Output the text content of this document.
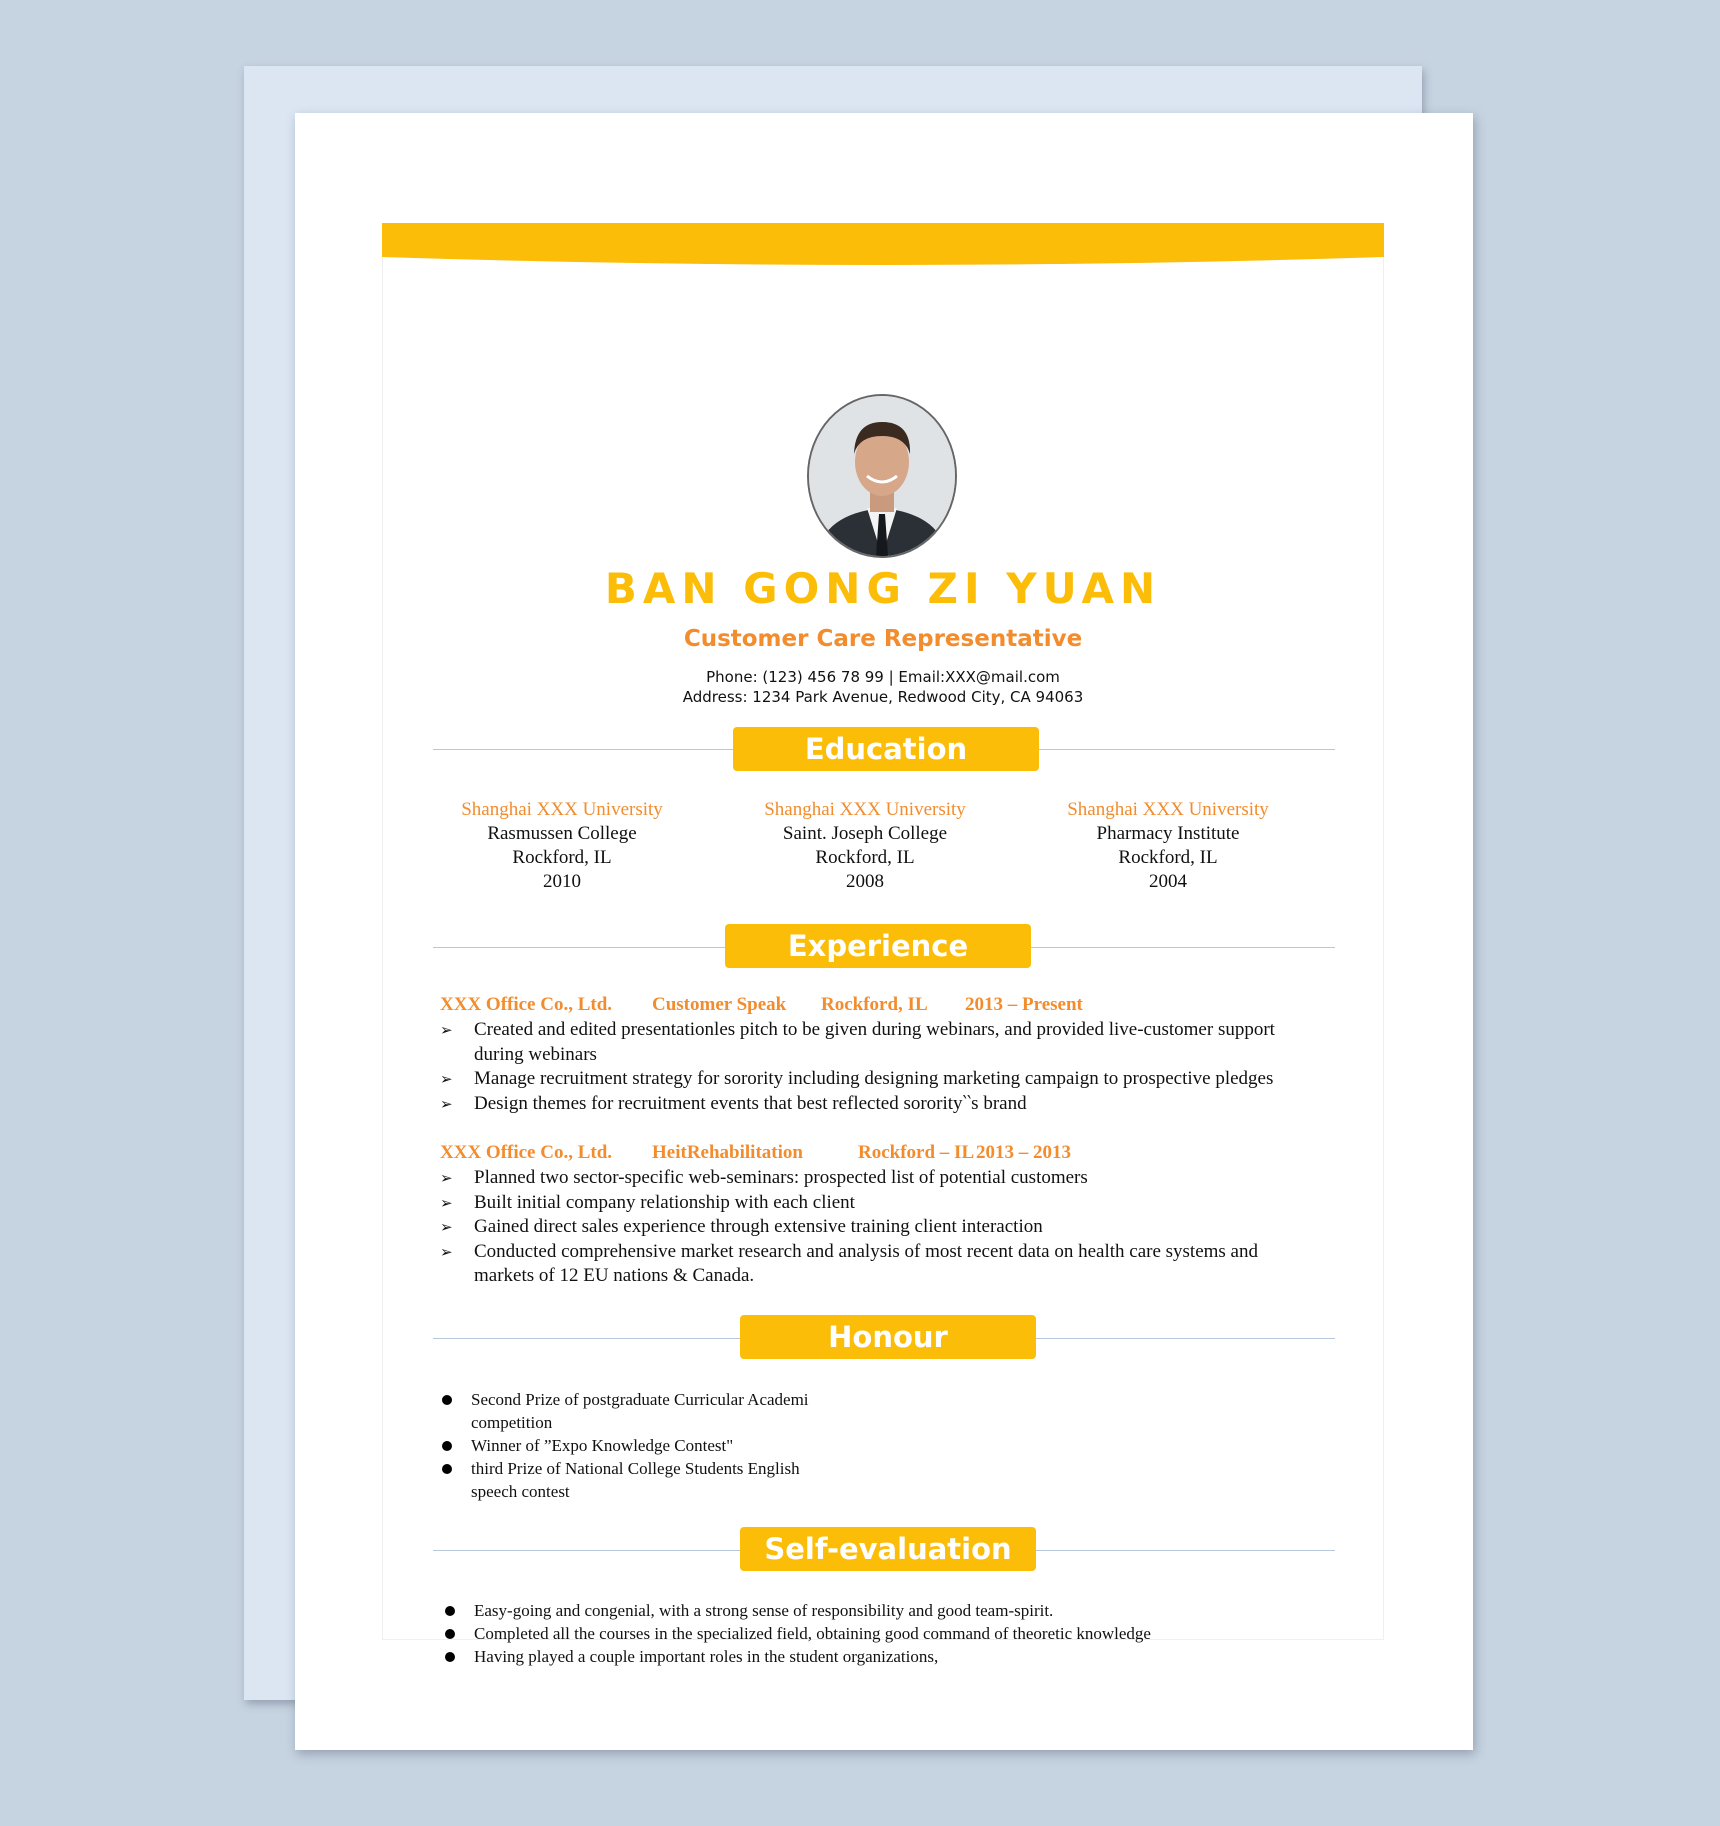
BAN GONG ZI YUAN
Customer Care Representative
Phone: (123) 456 78 99 | Email:XXX@mail.com
Address: 1234 Park Avenue, Redwood City, CA 94063
Education
Shanghai XXX University
Rasmussen College
Rockford, IL
2010
Shanghai XXX University
Saint. Joseph College
Rockford, IL
2008
Shanghai XXX University
Pharmacy Institute
Rockford, IL
2004
Experience
XXX Office Co., Ltd. Customer Speak Rockford, IL 2013 – Present
➢ Created and edited presentationles pitch to be given during webinars, and provided live-customer support during webinars
➢ Manage recruitment strategy for sorority including designing marketing campaign to prospective pledges
➢ Design themes for recruitment events that best reflected sorority‵‵s brand
XXX Office Co., Ltd. HeitRehabilitation	Rockford – IL 2013 – 2013
➢ Planned two sector-specific web-seminars: prospected list of potential customers
➢ Built initial company relationship with each client
➢ Gained direct sales experience through extensive training client interaction
➢ Conducted comprehensive market research and analysis of most recent data on health care systems and markets of 12 EU nations & Canada.
Honour
Second Prize of postgraduate Curricular Academi competition
Winner of ”Expo Knowledge Contest"
third Prize of National College Students English speech contest
Self-evaluation
Easy-going and congenial, with a strong sense of responsibility and good team-spirit.
Completed all the courses in the specialized field, obtaining good command of theoretic knowledge
Having played a couple important roles in the student organizations,
